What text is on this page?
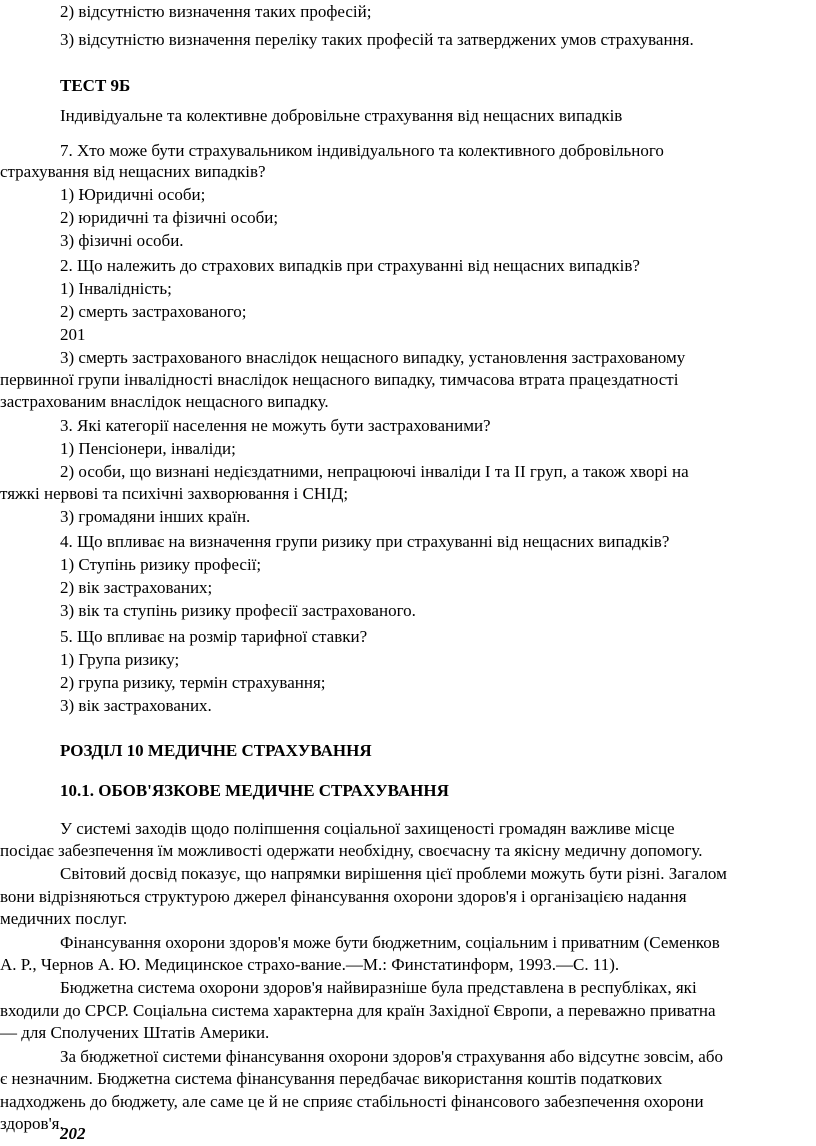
202
2) відсутністю визначення таких професій;
3) відсутністю визначення переліку таких професій та затверджених умов страхування.
ТЕСТ 9Б
Індивідуальне та колективне добровільне страхування від нещасних випадків
7. Хто може бути страхувальником індивідуального та колективного добровільного
страхування від нещасних випадків?
1) Юридичні особи;
2) юридичні та фізичні особи;
3) фізичні особи.
2. Що належить до страхових випадків при страхуванні від нещасних випадків?
1) Інвалідність;
2) смерть застрахованого;
201
3) смерть застрахованого внаслідок нещасного випадку, установлення застрахованому
первинної групи інвалідності внаслідок нещасного випадку, тимчасова втрата працездатності
застрахованим внаслідок нещасного випадку.
3. Які категорії населення не можуть бути застрахованими?
1) Пенсіонери, інваліди;
2) особи, що визнані недієздатними, непрацюючі інваліди І та ІІ груп, а також хворі на
тяжкі нервові та психічні захворювання і СНІД;
3) громадяни інших країн.
4. Що впливає на визначення групи ризику при страхуванні від нещасних випадків?
1) Ступінь ризику професії;
2) вік застрахованих;
3) вік та ступінь ризику професії застрахованого.
5. Що впливає на розмір тарифної ставки?
1) Група ризику;
2) група ризику, термін страхування;
3) вік застрахованих.
РОЗДІЛ 10 МЕДИЧНЕ СТРАХУВАННЯ
10.1. ОБОВ'ЯЗКОВЕ МЕДИЧНЕ СТРАХУВАННЯ
У системі заходів щодо поліпшення соціальної захищеності громадян важливе місце
посідає забезпечення їм можливості одержати необхідну, своєчасну та якісну медичну допомогу.
Світовий досвід показує, що напрямки вирішення цієї проблеми можуть бути різні. Загалом
вони відрізняються структурою джерел фінансування охорони здоров'я і організацією надання
медичних послуг.
Фінансування охорони здоров'я може бути бюджетним, соціальним і приватним (Семенков
А. Р., Чернов А. Ю. Медицинское страхо-вание.—М.: Финстатинформ, 1993.—С. 11).
Бюджетна система охорони здоров'я найвиразніше була представлена в республіках, які
входили до СРСР. Соціальна система характерна для країн Західної Європи, а переважно приватна
— для Сполучених Штатів Америки.
За бюджетної системи фінансування охорони здоров'я страхування або відсутнє зовсім, або
є незначним. Бюджетна система фінансування передбачає використання коштів податкових
надходжень до бюджету, але саме це й не сприяє стабільності фінансового забезпечення охорони
здоров'я.
